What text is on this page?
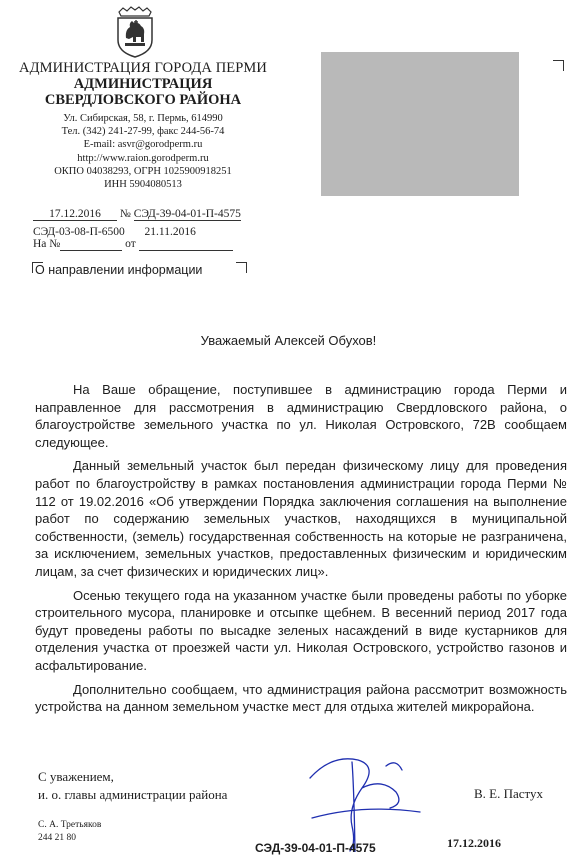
АДМИНИСТРАЦИЯ ГОРОДА ПЕРМИ
АДМИНИСТРАЦИЯ
СВЕРДЛОВСКОГО РАЙОНА
Ул. Сибирская, 58, г. Пермь, 614990
Тел. (342) 241-27-99, факс 244-56-74
E-mail: asvr@gorodperm.ru
http://www.raion.gorodperm.ru
ОКПО 04038293, ОГРН 1025900918251
ИНН 5904080513
17.12.2016 № СЭД-39-04-01-П-4575
СЭД-03-08-П-6500 21.11.2016
На №	от
О направлении информации
Уважаемый Алексей Обухов!

На Ваше обращение, поступившее в администрацию города Перми и направленное для рассмотрения в администрацию Свердловского района, о благоустройстве земельного участка по ул. Николая Островского, 72В сообщаем следующее.

Данный земельный участок был передан физическому лицу для проведения работ по благоустройству в рамках постановления администрации города Перми № 112 от 19.02.2016 «Об утверждении Порядка заключения соглашения на выполнение работ по содержанию земельных участков, находящихся в муниципальной собственности, (земель) государственная собственность на которые не разграничена, за исключением, земельных участков, предоставленных физическим и юридическим лицам, за счет физических и юридических лиц».

Осенью текущего года на указанном участке были проведены работы по уборке строительного мусора, планировке и отсыпке щебнем. В весенний период 2017 года будут проведены работы по высадке зеленых насаждений в виде кустарников для отделения участка от проезжей части ул. Николая Островского, устройство газонов и асфальтирование.

Дополнительно сообщаем, что администрация района рассмотрит возможность устройства на данном земельном участке мест для отдыха жителей микрорайона.

С уважением,
и. о. главы администрации района	В. Е. Пастух
С. А. Третьяков
244 21 80
СЭД-39-04-01-П-4575	17.12.2016
